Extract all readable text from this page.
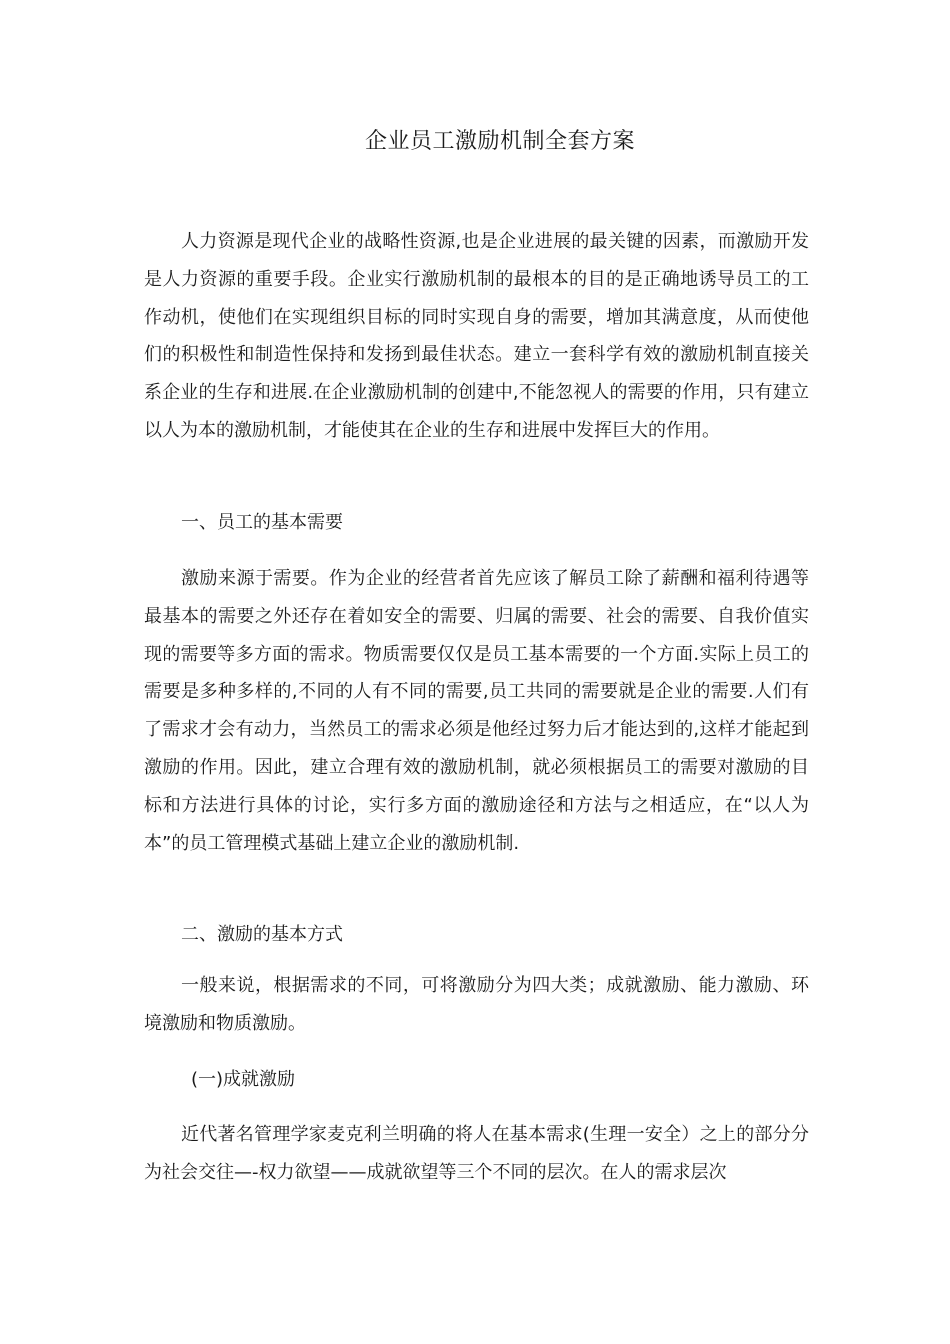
企业员工激励机制全套方案

人力资源是现代企业的战略性资源,也是企业进展的最关键的因素，而激励开发是人力资源的重要手段。企业实行激励机制的最根本的目的是正确地诱导员工的工作动机，使他们在实现组织目标的同时实现自身的需要，增加其满意度，从而使他们的积极性和制造性保持和发扬到最佳状态。建立一套科学有效的激励机制直接关系企业的生存和进展.在企业激励机制的创建中,不能忽视人的需要的作用，只有建立以人为本的激励机制，才能使其在企业的生存和进展中发挥巨大的作用。

一、员工的基本需要

激励来源于需要。作为企业的经营者首先应该了解员工除了薪酬和福利待遇等最基本的需要之外还存在着如安全的需要、归属的需要、社会的需要、自我价值实现的需要等多方面的需求。物质需要仅仅是员工基本需要的一个方面.实际上员工的需要是多种多样的,不同的人有不同的需要,员工共同的需要就是企业的需要.人们有了需求才会有动力，当然员工的需求必须是他经过努力后才能达到的,这样才能起到激励的作用。因此，建立合理有效的激励机制，就必须根据员工的需要对激励的目标和方法进行具体的讨论，实行多方面的激励途径和方法与之相适应，在“以人为本”的员工管理模式基础上建立企业的激励机制.

二、激励的基本方式

一般来说，根据需求的不同，可将激励分为四大类；成就激励、能力激励、环境激励和物质激励。

(一)成就激励

近代著名管理学家麦克利兰明确的将人在基本需求(生理一安全）之上的部分分为社会交往—-权力欲望——成就欲望等三个不同的层次。在人的需求层次
